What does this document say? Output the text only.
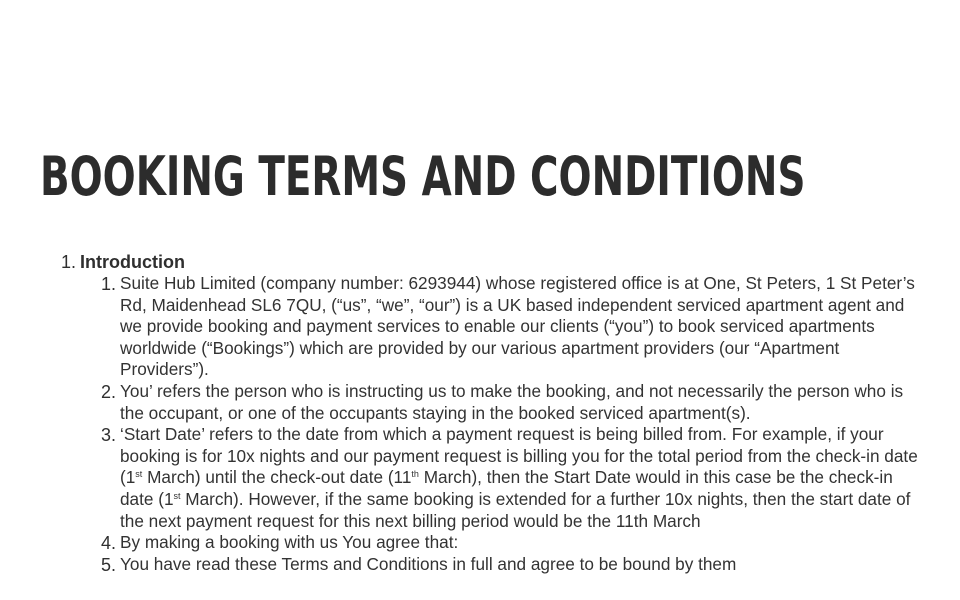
BOOKING TERMS AND CONDITIONS
1. Introduction
1. Suite Hub Limited (company number: 6293944) whose registered office is at One, St Peters, 1 St Peter’s Rd, Maidenhead SL6 7QU, (“us”, “we”, “our”) is a UK based independent serviced apartment agent and we provide booking and payment services to enable our clients (“you”) to book serviced apartments worldwide (“Bookings”) which are provided by our various apartment providers (our “Apartment Providers”).
2. You’ refers the person who is instructing us to make the booking, and not necessarily the person who is the occupant, or one of the occupants staying in the booked serviced apartment(s).
3. ‘Start Date’ refers to the date from which a payment request is being billed from. For example, if your booking is for 10x nights and our payment request is billing you for the total period from the check-in date (1st March) until the check-out date (11th March), then the Start Date would in this case be the check-in date (1st March). However, if the same booking is extended for a further 10x nights, then the start date of the next payment request for this next billing period would be the 11th March
4. By making a booking with us You agree that:
5. You have read these Terms and Conditions in full and agree to be bound by them
